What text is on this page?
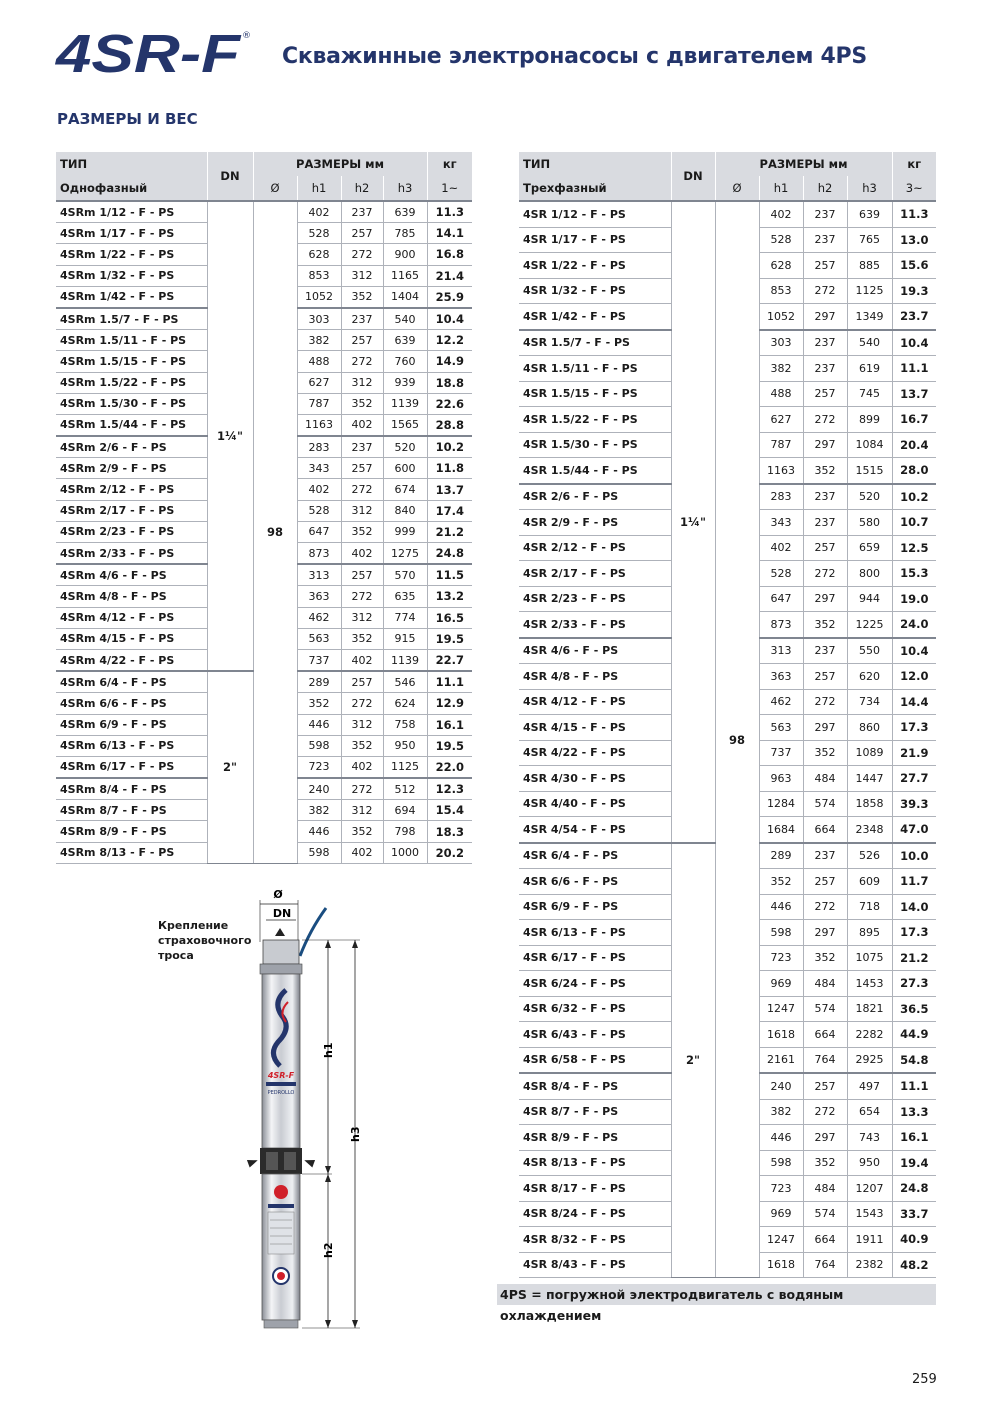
4SR-F ®
Скважинные электронасосы с двигателем 4PS
РАЗМЕРЫ И ВЕС
ТИП	DN	РАЗМЕРЫ мм				кг
Однофазный		Ø	h1	h2	h3	1~
4SRm 1/12 - F - PS	1¼"	98	402	237	639	11.3
4SRm 1/17 - F - PS			528	257	785	14.1
4SRm 1/22 - F - PS			628	272	900	16.8
4SRm 1/32 - F - PS			853	312	1165	21.4
4SRm 1/42 - F - PS			1052	352	1404	25.9
4SRm 1.5/7 - F - PS			303	237	540	10.4
4SRm 1.5/11 - F - PS			382	257	639	12.2
4SRm 1.5/15 - F - PS			488	272	760	14.9
4SRm 1.5/22 - F - PS			627	312	939	18.8
4SRm 1.5/30 - F - PS			787	352	1139	22.6
4SRm 1.5/44 - F - PS			1163	402	1565	28.8
4SRm 2/6 - F - PS			283	237	520	10.2
4SRm 2/9 - F - PS			343	257	600	11.8
4SRm 2/12 - F - PS			402	272	674	13.7
4SRm 2/17 - F - PS			528	312	840	17.4
4SRm 2/23 - F - PS			647	352	999	21.2
4SRm 2/33 - F - PS			873	402	1275	24.8
4SRm 4/6 - F - PS			313	257	570	11.5
4SRm 4/8 - F - PS			363	272	635	13.2
4SRm 4/12 - F - PS			462	312	774	16.5
4SRm 4/15 - F - PS			563	352	915	19.5
4SRm 4/22 - F - PS			737	402	1139	22.7
4SRm 6/4 - F - PS	2"		289	257	546	11.1
4SRm 6/6 - F - PS			352	272	624	12.9
4SRm 6/9 - F - PS			446	312	758	16.1
4SRm 6/13 - F - PS			598	352	950	19.5
4SRm 6/17 - F - PS			723	402	1125	22.0
4SRm 8/4 - F - PS			240	272	512	12.3
4SRm 8/7 - F - PS			382	312	694	15.4
4SRm 8/9 - F - PS			446	352	798	18.3
4SRm 8/13 - F - PS			598	402	1000	20.2
ТИП	DN	РАЗМЕРЫ мм				кг
Трехфазный		Ø	h1	h2	h3	3~
4SR 1/12 - F - PS	1¼"	98	402	237	639	11.3
4SR 1/17 - F - PS			528	237	765	13.0
4SR 1/22 - F - PS			628	257	885	15.6
4SR 1/32 - F - PS			853	272	1125	19.3
4SR 1/42 - F - PS			1052	297	1349	23.7
4SR 1.5/7 - F - PS			303	237	540	10.4
4SR 1.5/11 - F - PS			382	237	619	11.1
4SR 1.5/15 - F - PS			488	257	745	13.7
4SR 1.5/22 - F - PS			627	272	899	16.7
4SR 1.5/30 - F - PS			787	297	1084	20.4
4SR 1.5/44 - F - PS			1163	352	1515	28.0
4SR 2/6 - F - PS			283	237	520	10.2
4SR 2/9 - F - PS			343	237	580	10.7
4SR 2/12 - F - PS			402	257	659	12.5
4SR 2/17 - F - PS			528	272	800	15.3
4SR 2/23 - F - PS			647	297	944	19.0
4SR 2/33 - F - PS			873	352	1225	24.0
4SR 4/6 - F - PS			313	237	550	10.4
4SR 4/8 - F - PS			363	257	620	12.0
4SR 4/12 - F - PS			462	272	734	14.4
4SR 4/15 - F - PS			563	297	860	17.3
4SR 4/22 - F - PS			737	352	1089	21.9
4SR 4/30 - F - PS			963	484	1447	27.7
4SR 4/40 - F - PS			1284	574	1858	39.3
4SR 4/54 - F - PS			1684	664	2348	47.0
4SR 6/4 - F - PS	2"		289	237	526	10.0
4SR 6/6 - F - PS			352	257	609	11.7
4SR 6/9 - F - PS			446	272	718	14.0
4SR 6/13 - F - PS			598	297	895	17.3
4SR 6/17 - F - PS			723	352	1075	21.2
4SR 6/24 - F - PS			969	484	1453	27.3
4SR 6/32 - F - PS			1247	574	1821	36.5
4SR 6/43 - F - PS			1618	664	2282	44.9
4SR 6/58 - F - PS			2161	764	2925	54.8
4SR 8/4 - F - PS			240	257	497	11.1
4SR 8/7 - F - PS			382	272	654	13.3
4SR 8/9 - F - PS			446	297	743	16.1
4SR 8/13 - F - PS			598	352	950	19.4
4SR 8/17 - F - PS			723	484	1207	24.8
4SR 8/24 - F - PS			969	574	1543	33.7
4SR 8/32 - F - PS			1247	664	1911	40.9
4SR 8/43 - F - PS			1618	764	2382	48.2
Крепление
страховочного
троса
Ø
DN
4SR-F
PEDROLLO
h1
h2
h3
4PS = погружной электродвигатель с водяным охлаждением
259
